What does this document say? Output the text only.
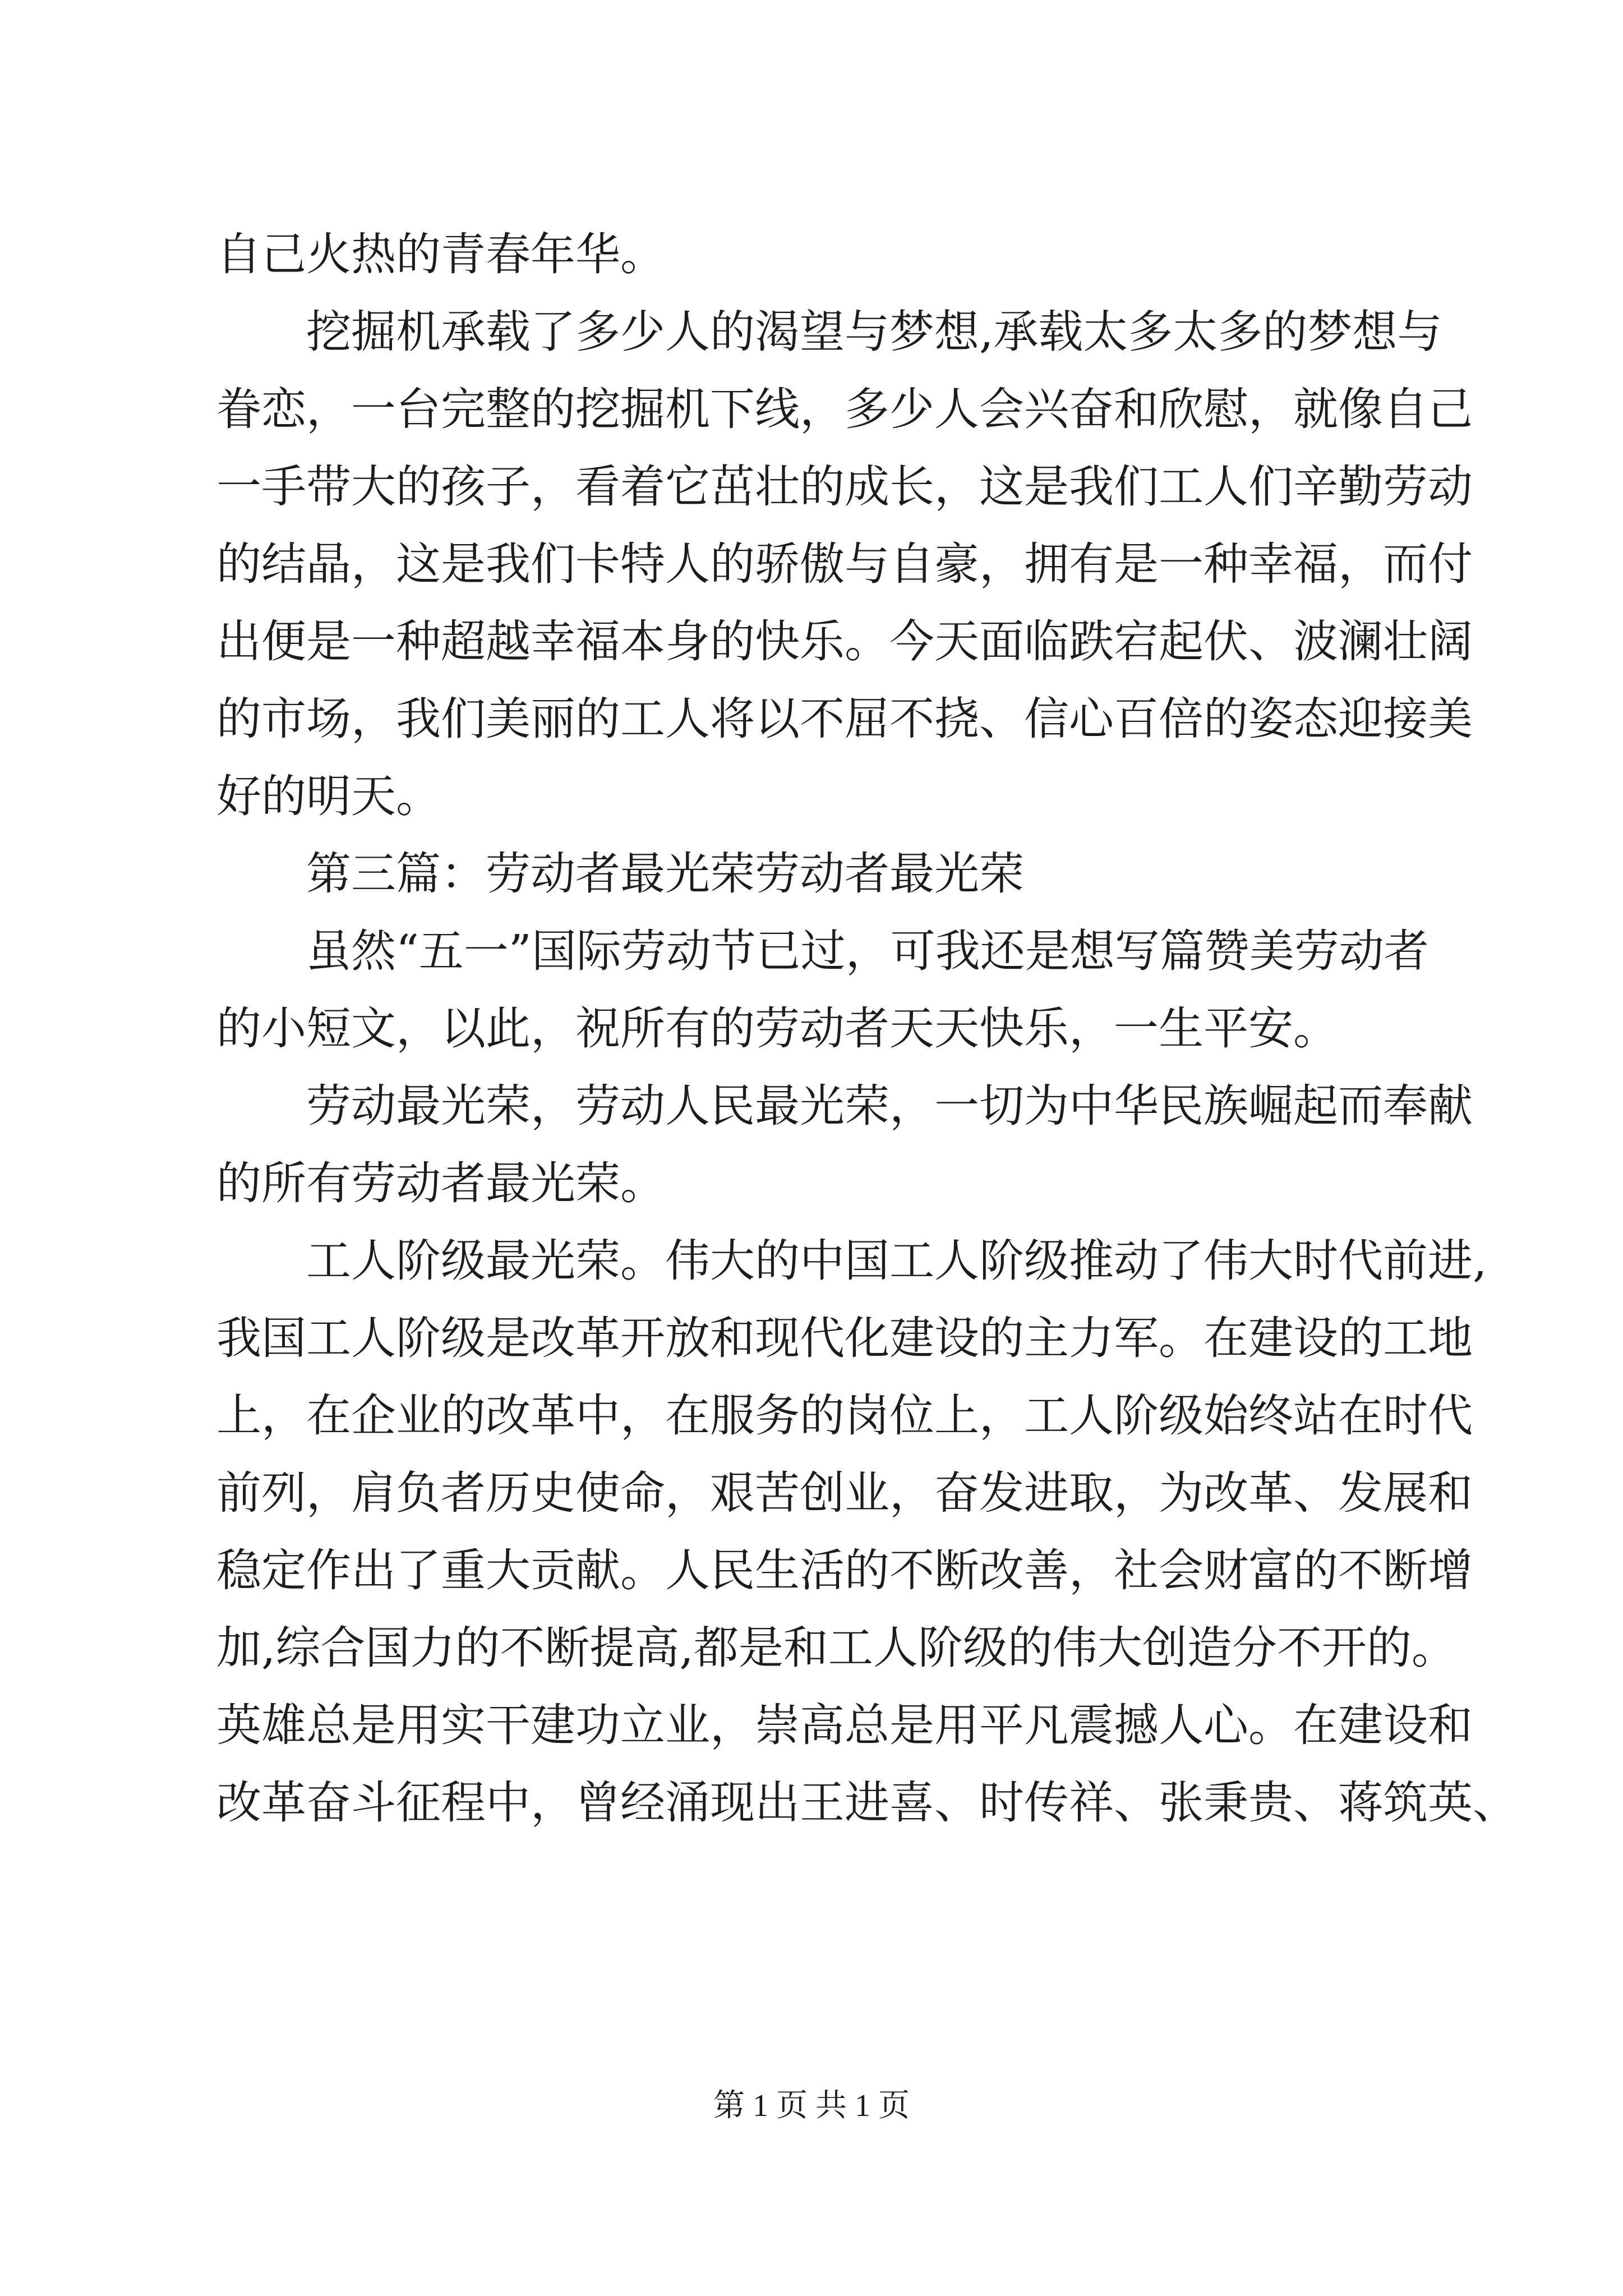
自己火热的青春年华。
挖掘机承载了多少人的渴望与梦想,承载太多太多的梦想与
眷恋，一台完整的挖掘机下线，多少人会兴奋和欣慰，就像自己
一手带大的孩子，看着它茁壮的成长，这是我们工人们辛勤劳动
的结晶，这是我们卡特人的骄傲与自豪，拥有是一种幸福，而付
出便是一种超越幸福本身的快乐。今天面临跌宕起伏、波澜壮阔
的市场，我们美丽的工人将以不屈不挠、信心百倍的姿态迎接美
好的明天。
第三篇：劳动者最光荣劳动者最光荣
虽然“五一”国际劳动节已过，可我还是想写篇赞美劳动者
的小短文，以此，祝所有的劳动者天天快乐，一生平安。
劳动最光荣，劳动人民最光荣，一切为中华民族崛起而奉献
的所有劳动者最光荣。
工人阶级最光荣。伟大的中国工人阶级推动了伟大时代前进,
我国工人阶级是改革开放和现代化建设的主力军。在建设的工地
上，在企业的改革中，在服务的岗位上，工人阶级始终站在时代
前列，肩负者历史使命，艰苦创业，奋发进取，为改革、发展和
稳定作出了重大贡献。人民生活的不断改善，社会财富的不断增
加,综合国力的不断提高,都是和工人阶级的伟大创造分不开的。
英雄总是用实干建功立业，崇高总是用平凡震撼人心。在建设和
改革奋斗征程中，曾经涌现出王进喜、时传祥、张秉贵、蒋筑英、
第 1 页 共 1 页
